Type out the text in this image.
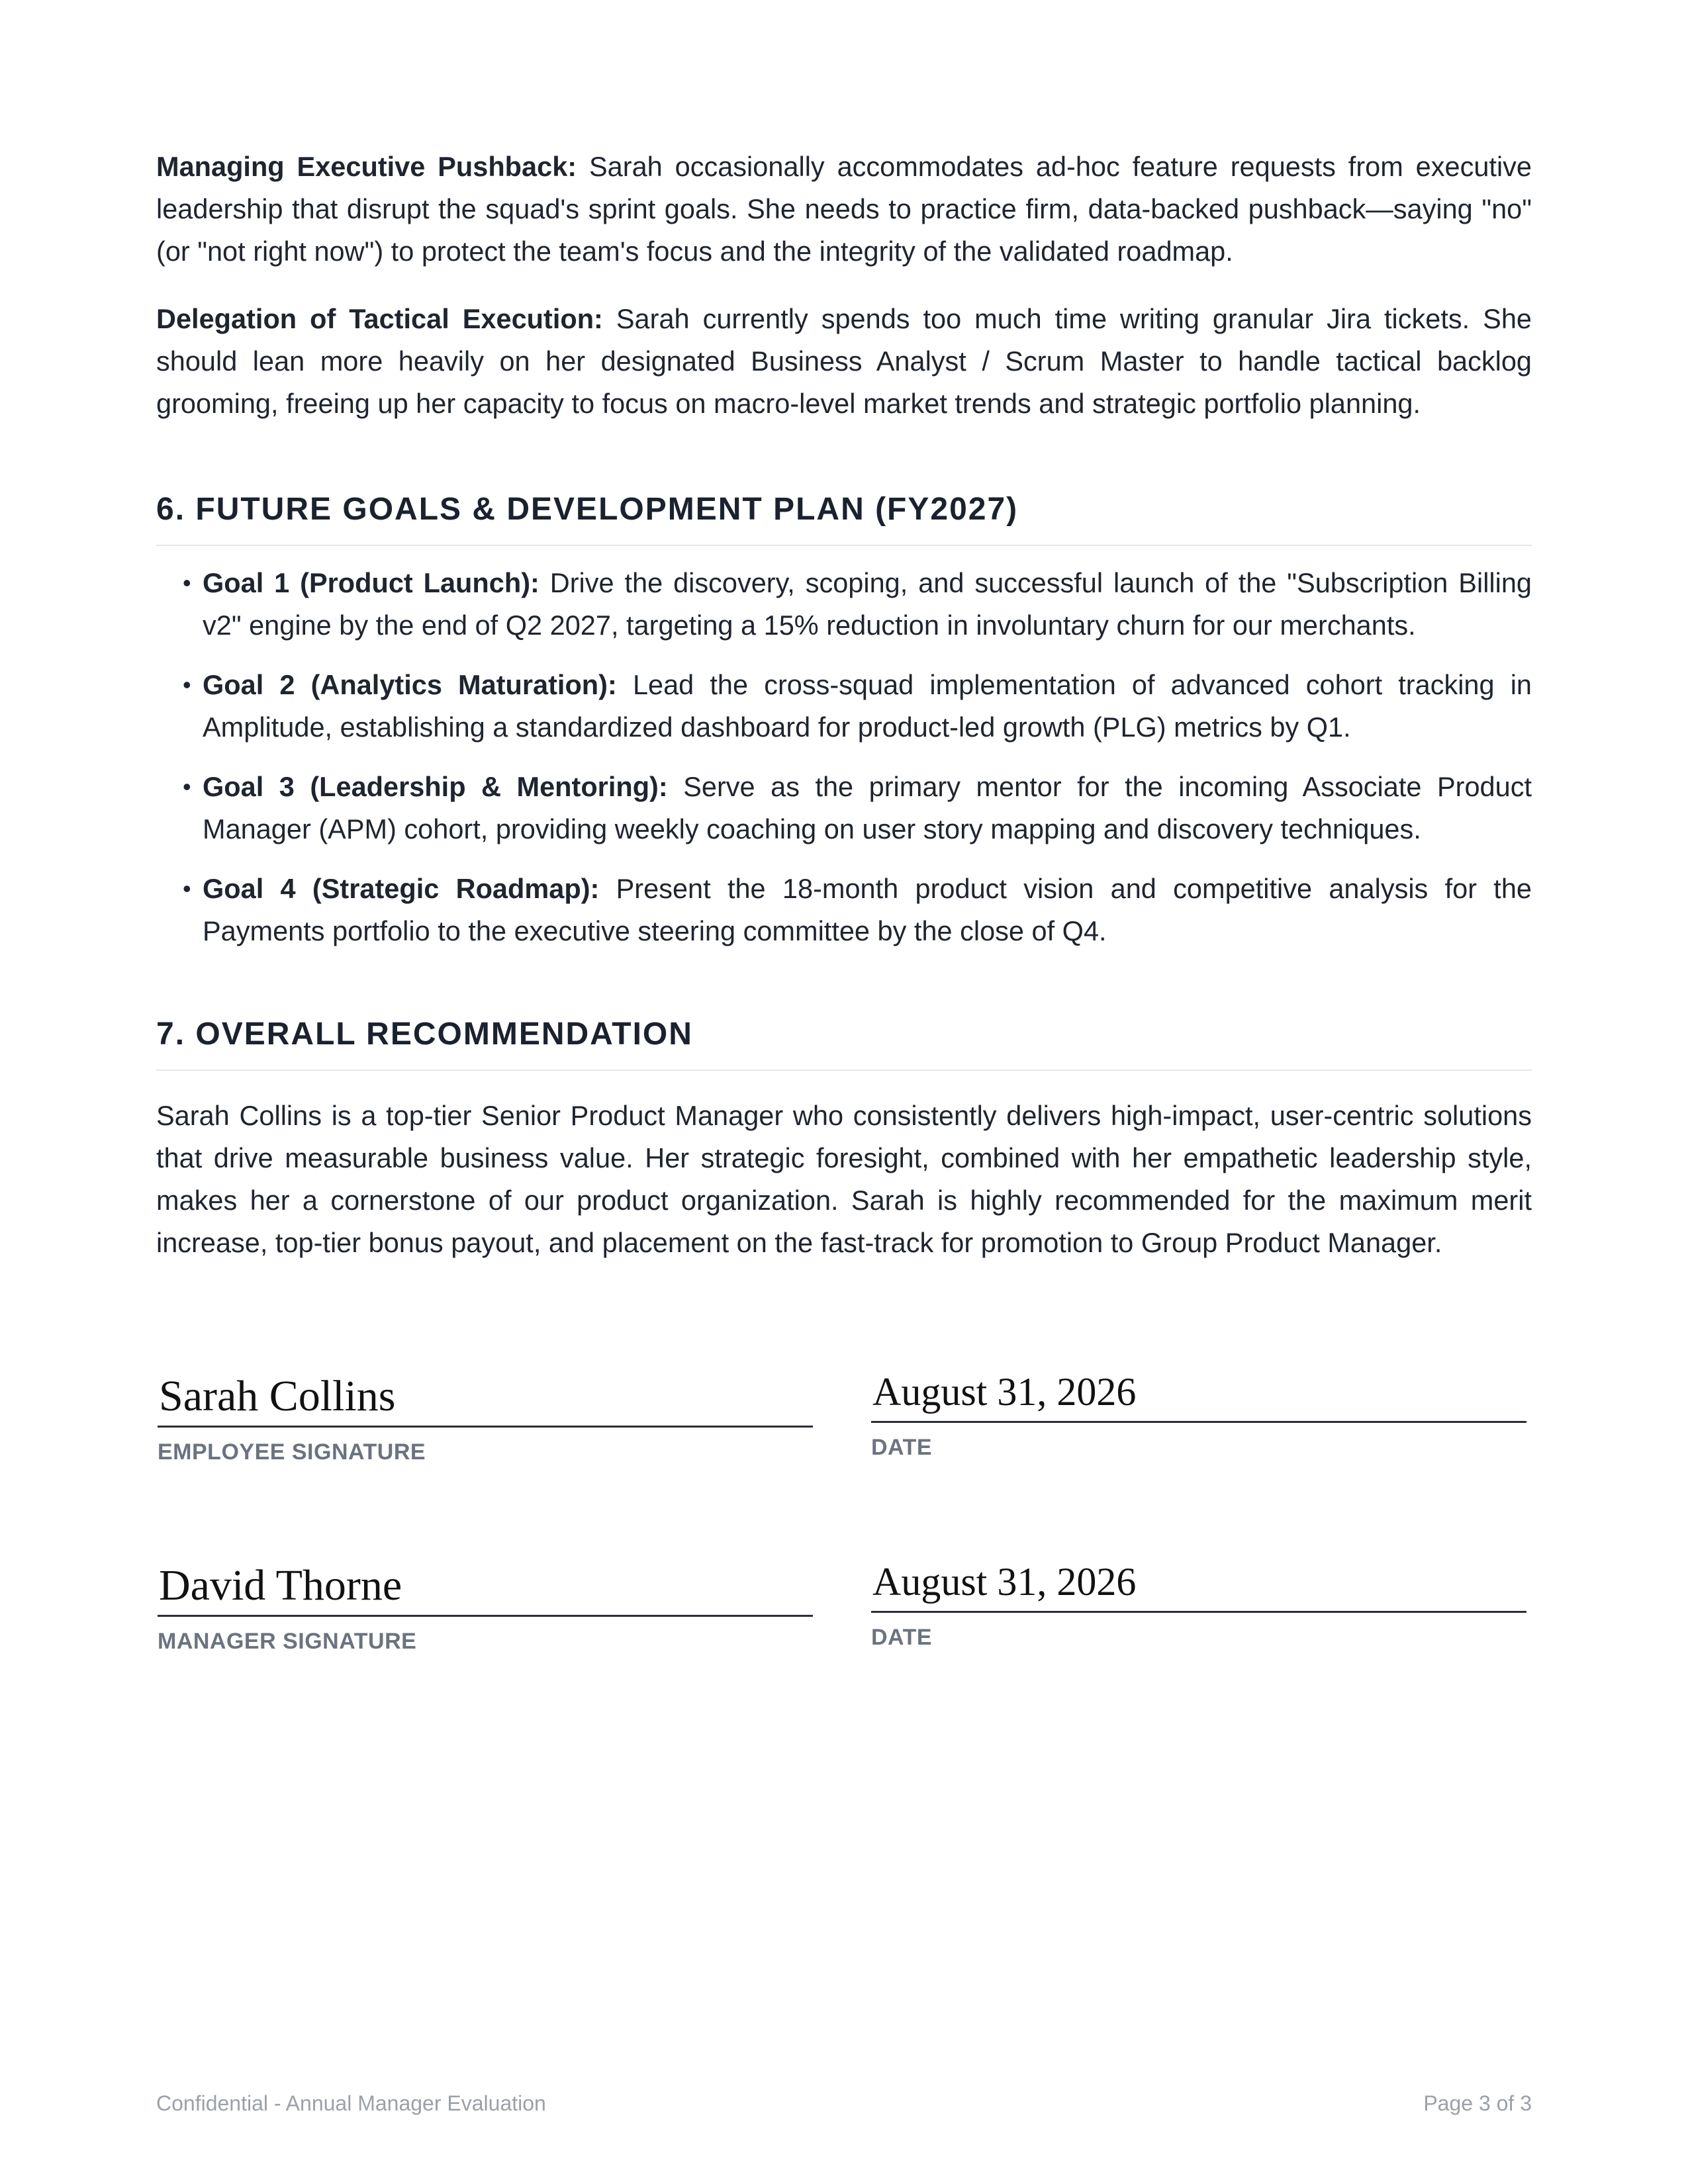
Managing Executive Pushback: Sarah occasionally accommodates ad-hoc feature requests from executive leadership that disrupt the squad's sprint goals. She needs to practice firm, data-backed pushback—saying "no" (or "not right now") to protect the team's focus and the integrity of the validated roadmap.

Delegation of Tactical Execution: Sarah currently spends too much time writing granular Jira tickets. She should lean more heavily on her designated Business Analyst / Scrum Master to handle tactical backlog grooming, freeing up her capacity to focus on macro-level market trends and strategic portfolio planning.

6. FUTURE GOALS & DEVELOPMENT PLAN (FY2027)
• Goal 1 (Product Launch): Drive the discovery, scoping, and successful launch of the "Subscription Billing v2" engine by the end of Q2 2027, targeting a 15% reduction in involuntary churn for our merchants.
• Goal 2 (Analytics Maturation): Lead the cross-squad implementation of advanced cohort tracking in Amplitude, establishing a standardized dashboard for product-led growth (PLG) metrics by Q1.
• Goal 3 (Leadership & Mentoring): Serve as the primary mentor for the incoming Associate Product Manager (APM) cohort, providing weekly coaching on user story mapping and discovery techniques.
• Goal 4 (Strategic Roadmap): Present the 18-month product vision and competitive analysis for the Payments portfolio to the executive steering committee by the close of Q4.
7. OVERALL RECOMMENDATION

Sarah Collins is a top-tier Senior Product Manager who consistently delivers high-impact, user-centric solutions that drive measurable business value. Her strategic foresight, combined with her empathetic leadership style, makes her a cornerstone of our product organization. Sarah is highly recommended for the maximum merit increase, top-tier bonus payout, and placement on the fast-track for promotion to Group Product Manager.

Sarah Collins
EMPLOYEE SIGNATURE
August 31, 2026
DATE
David Thorne
MANAGER SIGNATURE
August 31, 2026
DATE
Confidential - Annual Manager Evaluation	Page 3 of 3
